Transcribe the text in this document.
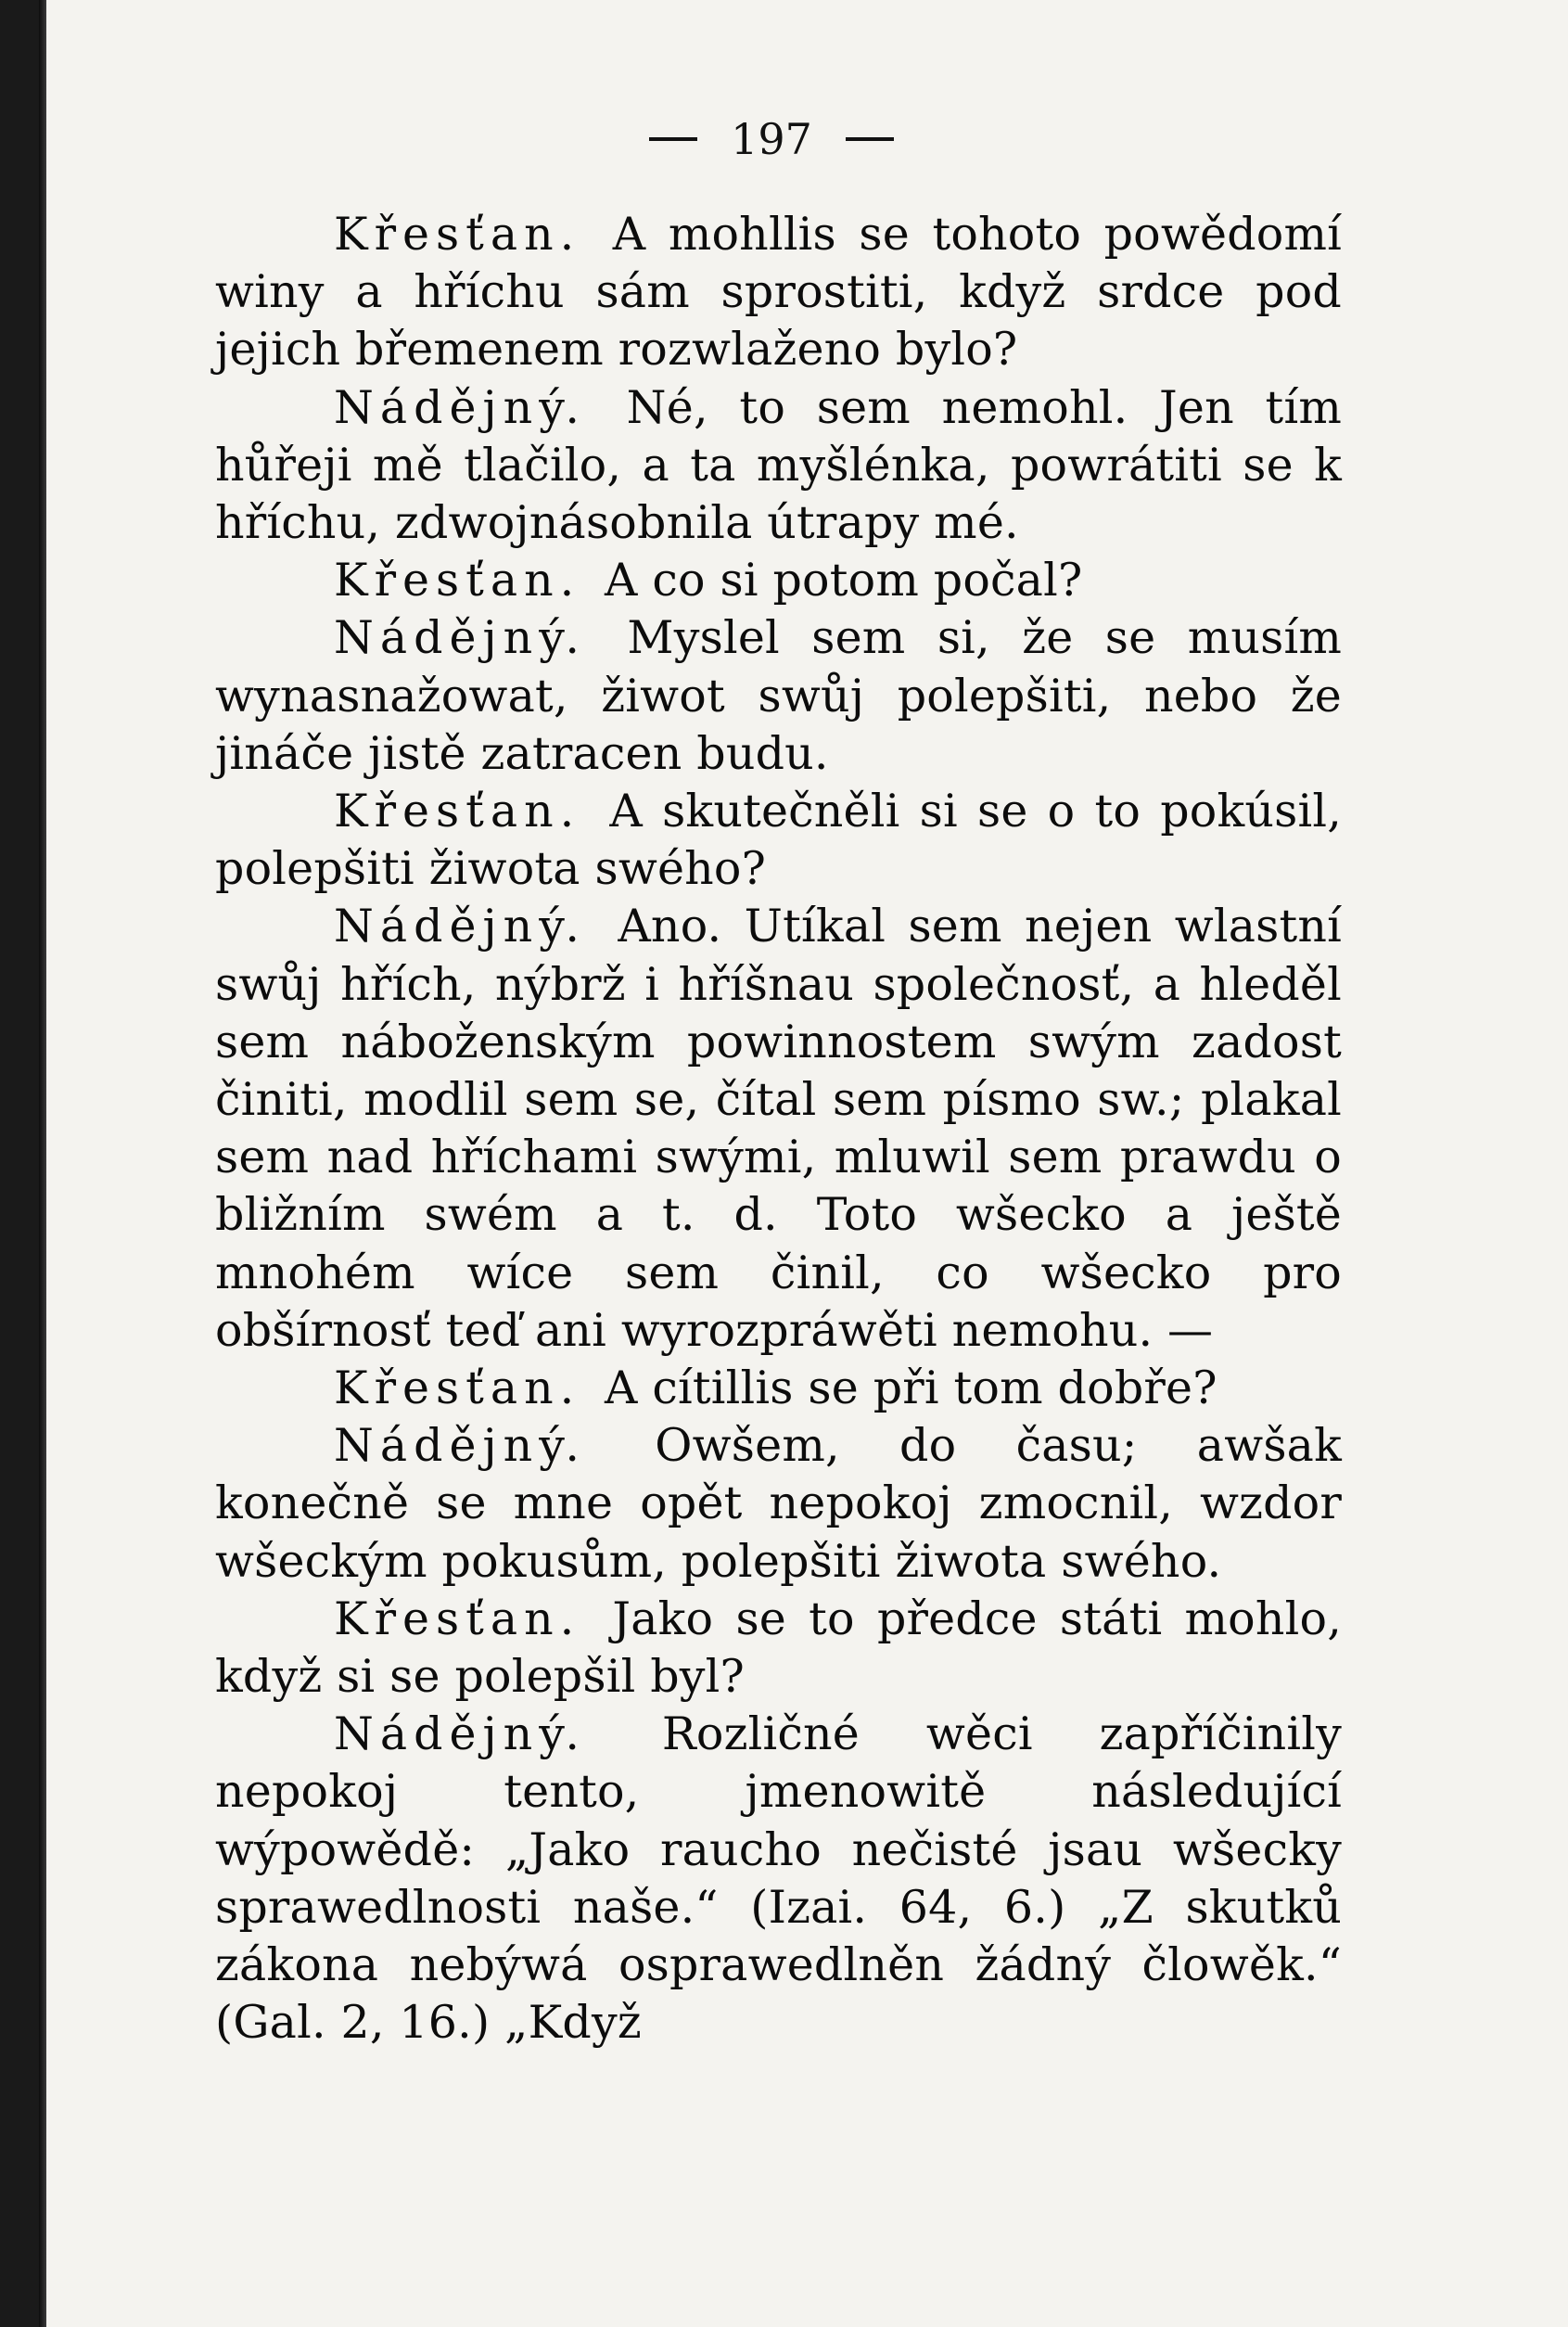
197

Křesťan. A mohllis se tohoto powědomí winy a hříchu sám sprostiti, když srdce pod jejich břemenem rozwlaženo bylo?

Nádějný. Né, to sem nemohl. Jen tím hůřeji mě tlačilo, a ta myšlénka, powrátiti se k hříchu, zdwojnásobnila útrapy mé.

Křesťan. A co si potom počal?

Nádějný. Myslel sem si, že se musím wynasnažowat, žiwot swůj polepšiti, nebo že jináče jistě zatracen budu.

Křesťan. A skutečněli si se o to pokúsil, polepšiti žiwota swého?

Nádějný. Ano. Utíkal sem nejen wlastní swůj hřích, nýbrž i hříšnau společnosť, a hleděl sem náboženským powinnostem swým zadost činiti, modlil sem se, čítal sem písmo sw.; plakal sem nad hříchami swými, mluwil sem prawdu o bližním swém a t. d. Toto wšecko a ještě mnohém wíce sem činil, co wšecko pro obšírnosť teď ani wyrozpráwěti nemohu. —

Křesťan. A cítillis se při tom dobře?

Nádějný. Owšem, do času; awšak konečně se mne opět nepokoj zmocnil, wzdor wšeckým pokusům, polepšiti žiwota swého.

Křesťan. Jako se to předce státi mohlo, když si se polepšil byl?

Nádějný. Rozličné wěci zapříčinily nepokoj tento, jmenowitě následující wýpowědě: „Jako raucho nečisté jsau wšecky sprawedlnosti naše.“ (Izai. 64, 6.) „Z skutků zákona nebýwá osprawedlněn žádný člowěk.“ (Gal. 2, 16.) „Když
